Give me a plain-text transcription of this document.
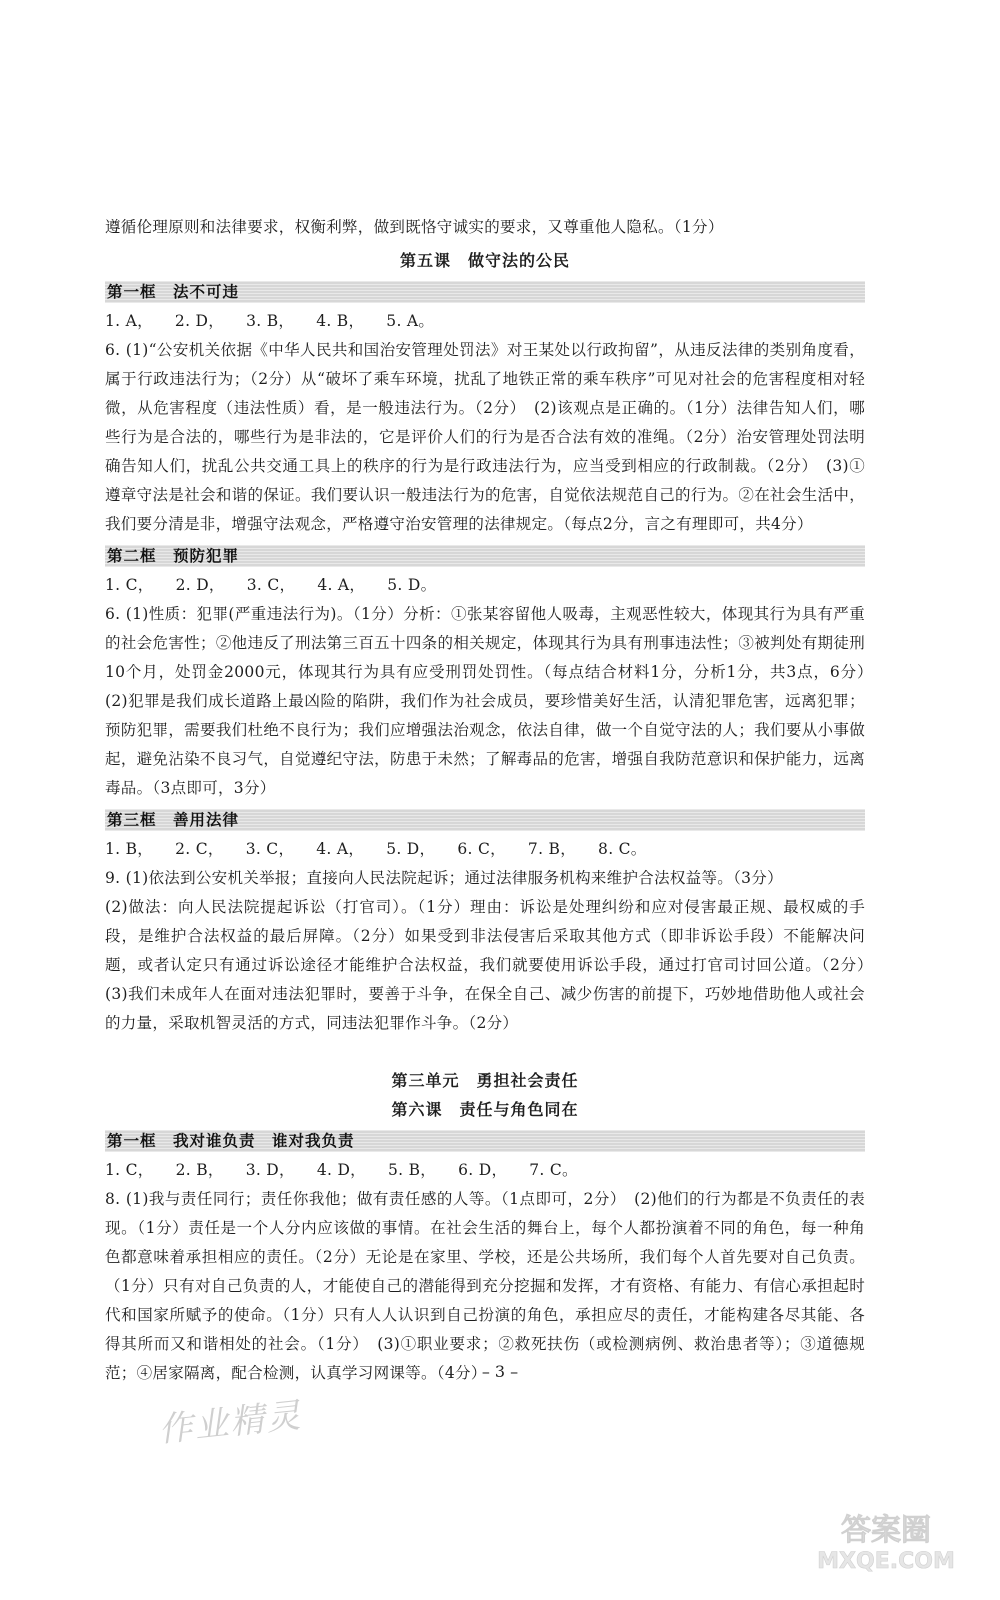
遵循伦理原则和法律要求，权衡利弊，做到既恪守诚实的要求，又尊重他人隐私。（1分）

第五课　做守法的公民

第一框　法不可违

1. A， 2. D， 3. B， 4. B， 5. A。

6. (1)“公安机关依据《中华人民共和国治安管理处罚法》对王某处以行政拘留”，从违反法律的类别角度看，属于行政违法行为；（2分）从“破坏了乘车环境，扰乱了地铁正常的乘车秩序”可见对社会的危害程度相对轻微，从危害程度（违法性质）看，是一般违法行为。（2分）　(2)该观点是正确的。（1分）法律告知人们，哪些行为是合法的，哪些行为是非法的，它是评价人们的行为是否合法有效的准绳。（2分）治安管理处罚法明确告知人们，扰乱公共交通工具上的秩序的行为是行政违法行为，应当受到相应的行政制裁。（2分）　(3)①遵章守法是社会和谐的保证。我们要认识一般违法行为的危害，自觉依法规范自己的行为。②在社会生活中，我们要分清是非，增强守法观念，严格遵守治安管理的法律规定。（每点2分，言之有理即可，共4分）

第二框　预防犯罪

1. C， 2. D， 3. C， 4. A， 5. D。

6. (1)性质：犯罪(严重违法行为)。（1分）分析：①张某容留他人吸毒，主观恶性较大，体现其行为具有严重的社会危害性；②他违反了刑法第三百五十四条的相关规定，体现其行为具有刑事违法性；③被判处有期徒刑10个月，处罚金2000元，体现其行为具有应受刑罚处罚性。（每点结合材料1分，分析1分，共3点，6分）　(2)犯罪是我们成长道路上最凶险的陷阱，我们作为社会成员，要珍惜美好生活，认清犯罪危害，远离犯罪；预防犯罪，需要我们杜绝不良行为；我们应增强法治观念，依法自律，做一个自觉守法的人；我们要从小事做起，避免沾染不良习气，自觉遵纪守法，防患于未然；了解毒品的危害，增强自我防范意识和保护能力，远离毒品。（3点即可，3分）

第三框　善用法律

1. B， 2. C， 3. C， 4. A， 5. D， 6. C， 7. B， 8. C。

9. (1)依法到公安机关举报；直接向人民法院起诉；通过法律服务机构来维护合法权益等。（3分）

(2)做法：向人民法院提起诉讼（打官司）。（1分）理由：诉讼是处理纠纷和应对侵害最正规、最权威的手段，是维护合法权益的最后屏障。（2分）如果受到非法侵害后采取其他方式（即非诉讼手段）不能解决问题，或者认定只有通过诉讼途径才能维护合法权益，我们就要使用诉讼手段，通过打官司讨回公道。（2分）　(3)我们未成年人在面对违法犯罪时，要善于斗争，在保全自己、减少伤害的前提下，巧妙地借助他人或社会的力量，采取机智灵活的方式，同违法犯罪作斗争。（2分）

第三单元　勇担社会责任

第六课　责任与角色同在

第一框　我对谁负责　谁对我负责

1. C， 2. B， 3. D， 4. D， 5. B， 6. D， 7. C。

8. (1)我与责任同行；责任你我他；做有责任感的人等。（1点即可，2分）　(2)他们的行为都是不负责任的表现。（1分）责任是一个人分内应该做的事情。在社会生活的舞台上，每个人都扮演着不同的角色，每一种角色都意味着承担相应的责任。（2分）无论是在家里、学校，还是公共场所，我们每个人首先要对自己负责。（1分）只有对自己负责的人，才能使自己的潜能得到充分挖掘和发挥，才有资格、有能力、有信心承担起时代和国家所赋予的使命。（1分）只有人人认识到自己扮演的角色，承担应尽的责任，才能构建各尽其能、各得其所而又和谐相处的社会。（1分）　(3)①职业要求；②救死扶伤（或检测病例、救治患者等）；③道德规范；④居家隔离，配合检测，认真学习网课等。（4分）

– 3 –
作业精灵
答案圈
MXQE.COM
